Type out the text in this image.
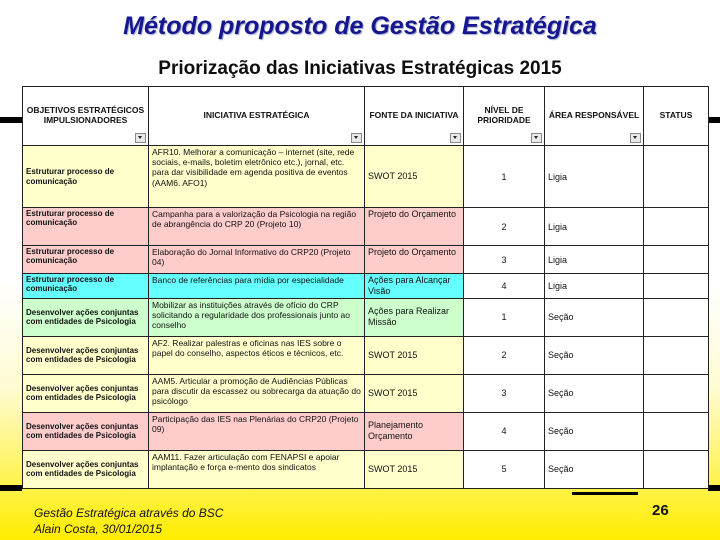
Método proposto de Gestão Estratégica
Priorização das Iniciativas Estratégicas 2015
OBJETIVOS ESTRATÉGICOS IMPULSIONADORES	INICIATIVA ESTRATÉGICA	FONTE DA INICIATIVA	NÍVEL DE PRIORIDADE	ÁREA RESPONSÁVEL	STATUS
Estruturar processo de comunicação	AFR10. Melhorar a comunicação – internet (site, rede sociais, e-mails, boletim eletrônico etc.), jornal, etc. para dar visibilidade em agenda positiva de eventos (AAM6. AFO1)	SWOT 2015	1	Ligia	
Estruturar processo de comunicação	Campanha para a valorização da Psicologia na região de abrangência do CRP 20 (Projeto 10)	Projeto do Orçamento	2	Ligia	
Estruturar processo de comunicação	Elaboração do Jornal Informativo do CRP20 (Projeto 04)	Projeto do Orçamento	3	Ligia	
Estruturar processo de comunicação	Banco de referências para mídia por especialidade	Ações para Alcançar Visão	4	Ligia	
Desenvolver ações conjuntas com entidades de Psicologia	Mobilizar as instituições através de ofício do CRP solicitando a regularidade dos professionais junto ao conselho	Ações para Realizar Missão	1	Seção	
Desenvolver ações conjuntas com entidades de Psicologia	AF2. Realizar palestras e oficinas nas IES sobre o papel do conselho, aspectos éticos e técnicos, etc.	SWOT 2015	2	Seção	
Desenvolver ações conjuntas com entidades de Psicologia	AAM5. Articular a promoção de Audiências Públicas para discutir da escassez ou sobrecarga da atuação do psicólogo	SWOT 2015	3	Seção	
Desenvolver ações conjuntas com entidades de Psicologia	Participação das IES nas Plenárias do CRP20 (Projeto 09)	Planejamento Orçamento	4	Seção	
Desenvolver ações conjuntas com entidades de Psicologia	AAM11. Fazer articulação com FENAPSI e apoiar implantação e força e-mento dos sindicatos	SWOT 2015	5	Seção	
Gestão Estratégica através do BSC
Alain Costa, 30/01/2015
26
